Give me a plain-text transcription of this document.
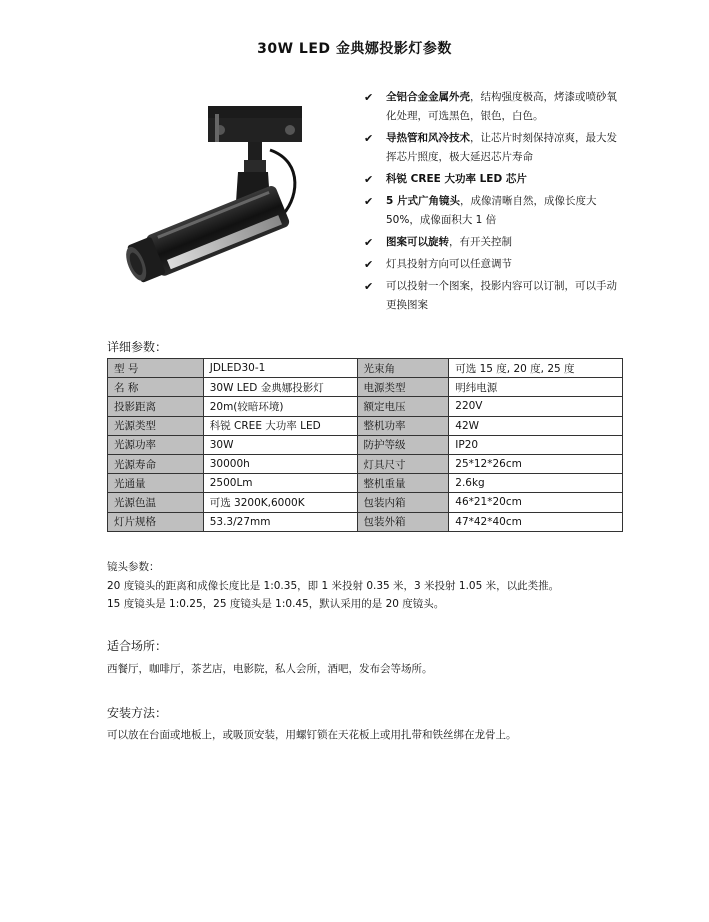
30W LED 金典娜投影灯参数
✔ 全铝合金金属外壳，结构强度极高，烤漆或喷砂氧化处理，可选黑色，银色，白色。
✔ 导热管和风冷技术，让芯片时刻保持凉爽，最大发挥芯片照度，极大延迟芯片寿命
✔ 科锐 CREE 大功率 LED 芯片
✔ 5 片式广角镜头，成像清晰自然，成像长度大 50%，成像面积大 1 倍
✔ 图案可以旋转，有开关控制
✔ 灯具投射方向可以任意调节
✔ 可以投射一个图案，投影内容可以订制，可以手动更换图案
详细参数：
型 号	JDLED30-1	光束角	可选 15 度, 20 度, 25 度
名 称	30W LED 金典娜投影灯	电源类型	明纬电源
投影距离	20m(较暗环境)	额定电压	220V
光源类型	科锐 CREE 大功率 LED	整机功率	42W
光源功率	30W	防护等级	IP20
光源寿命	30000h	灯具尺寸	25*12*26cm
光通量	2500Lm	整机重量	2.6kg
光源色温	可选 3200K,6000K	包装内箱	46*21*20cm
灯片规格	53.3/27mm	包装外箱	47*42*40cm
镜头参数：
20 度镜头的距离和成像长度比是 1:0.35，即 1 米投射 0.35 米，3 米投射 1.05 米，以此类推。
15 度镜头是 1:0.25，25 度镜头是 1:0.45，默认采用的是 20 度镜头。
适合场所：
西餐厅，咖啡厅，茶艺店，电影院，私人会所，酒吧，发布会等场所。
安装方法：
可以放在台面或地板上，或吸顶安装，用螺钉锁在天花板上或用扎带和铁丝绑在龙骨上。
